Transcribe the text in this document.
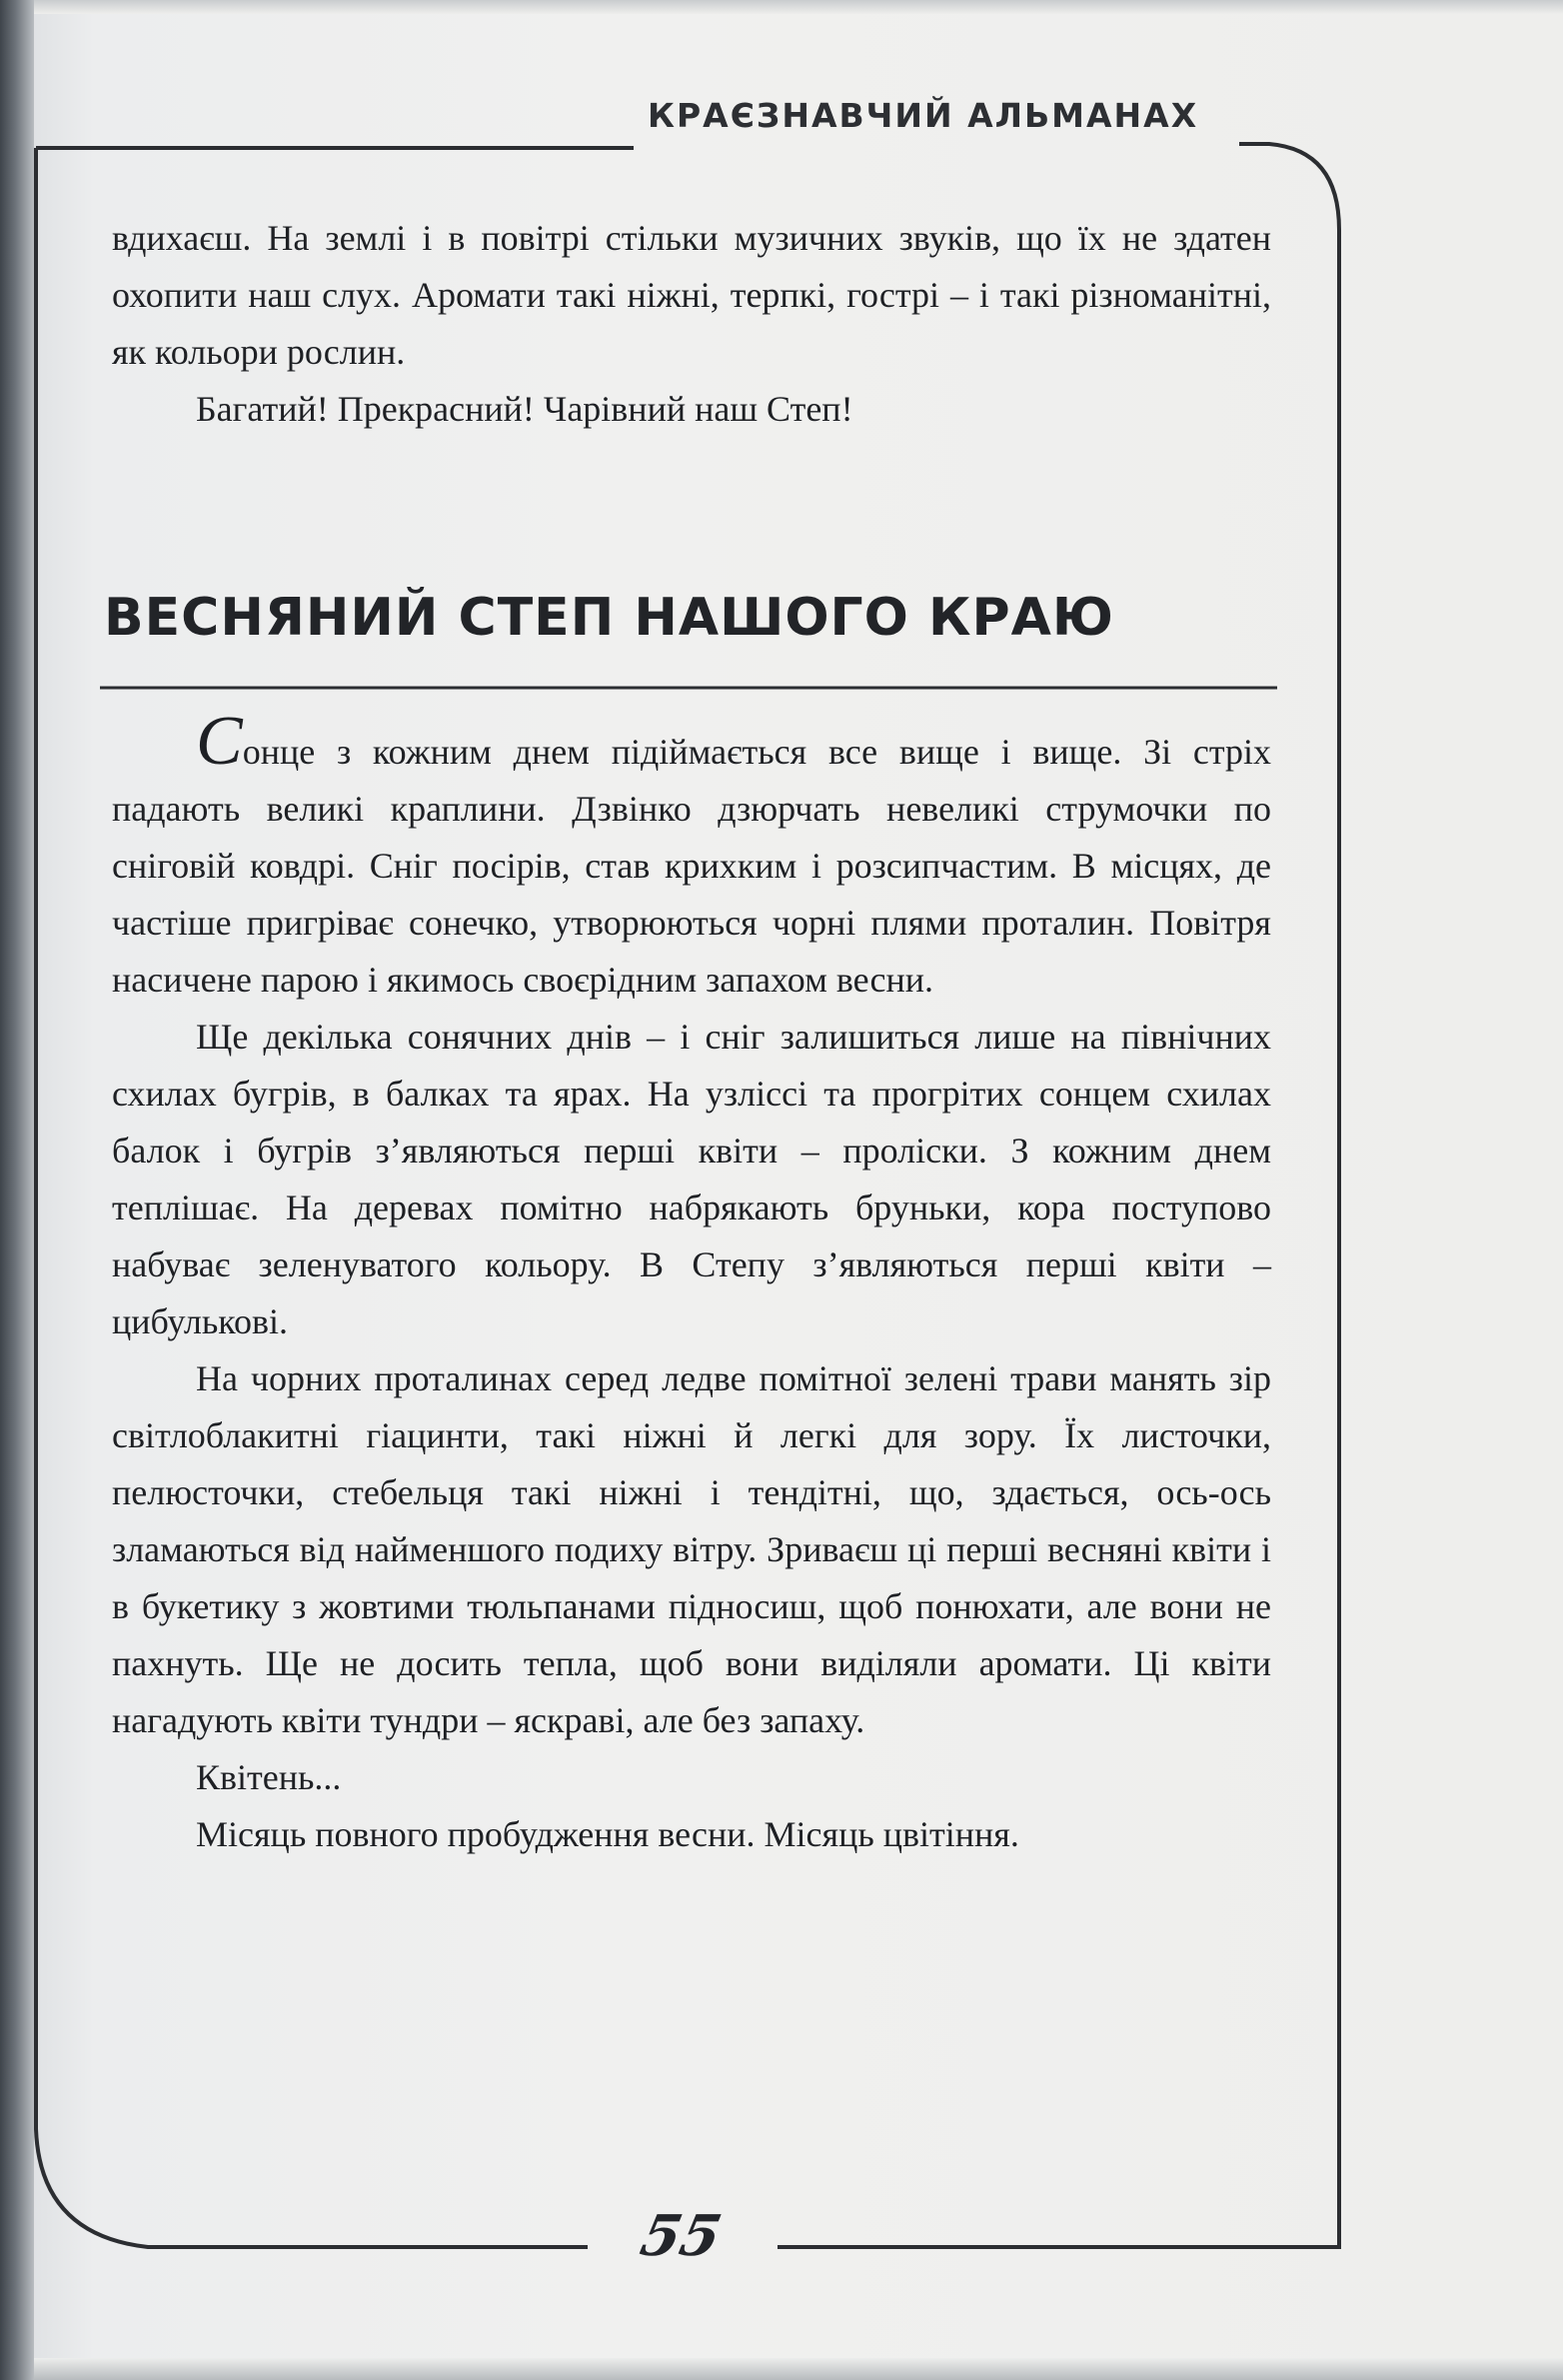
КРАЄЗНАВЧИЙ АЛЬМАНАХ

вдихаєш. На землі і в повітрі стільки музичних звуків, що їх не здатен охопити наш слух. Аромати такі ніжні, терпкі, гострі – і такі різноманітні, як кольори рослин.

Багатий! Прекрасний! Чарівний наш Степ!

ВЕСНЯНИЙ СТЕП НАШОГО КРАЮ

Сонце з кожним днем підіймається все вище і вище. Зі стріх падають великі краплини. Дзвінко дзюрчать невеликі струмочки по сніговій ковдрі. Сніг посірів, став крихким і розсипчастим. В місцях, де частіше пригріває сонечко, утворюються чорні плями проталин. Повітря насичене парою і якимось своєрідним запахом весни.

Ще декілька сонячних днів – і сніг залишиться лише на північних схилах бугрів, в балках та ярах. На узліссі та прогрітих сонцем схилах балок і бугрів з’являються перші квіти – проліски. З кожним днем теплішає. На деревах помітно набрякають бруньки, кора поступово набуває зеленуватого кольору. В Степу з’являються перші квіти – цибульковi.

На чорних проталинах серед ледве помітної зелені трави манять зір світлоблакитні гіацинти, такі ніжні й легкі для зору. Їх листочки, пелюсточки, стебельця такі ніжні і тендітні, що, здається, ось-ось зламаються від найменшого подиху вітру. Зриваєш ці перші весняні квіти і в букетику з жовтими тюльпанами підносиш, щоб понюхати, але вони не пахнуть. Ще не досить тепла, щоб вони виділяли аромати. Ці квіти нагадують квіти тундри – яскраві, але без запаху.

Квітень...

Місяць повного пробудження весни. Місяць цвітіння.

55
